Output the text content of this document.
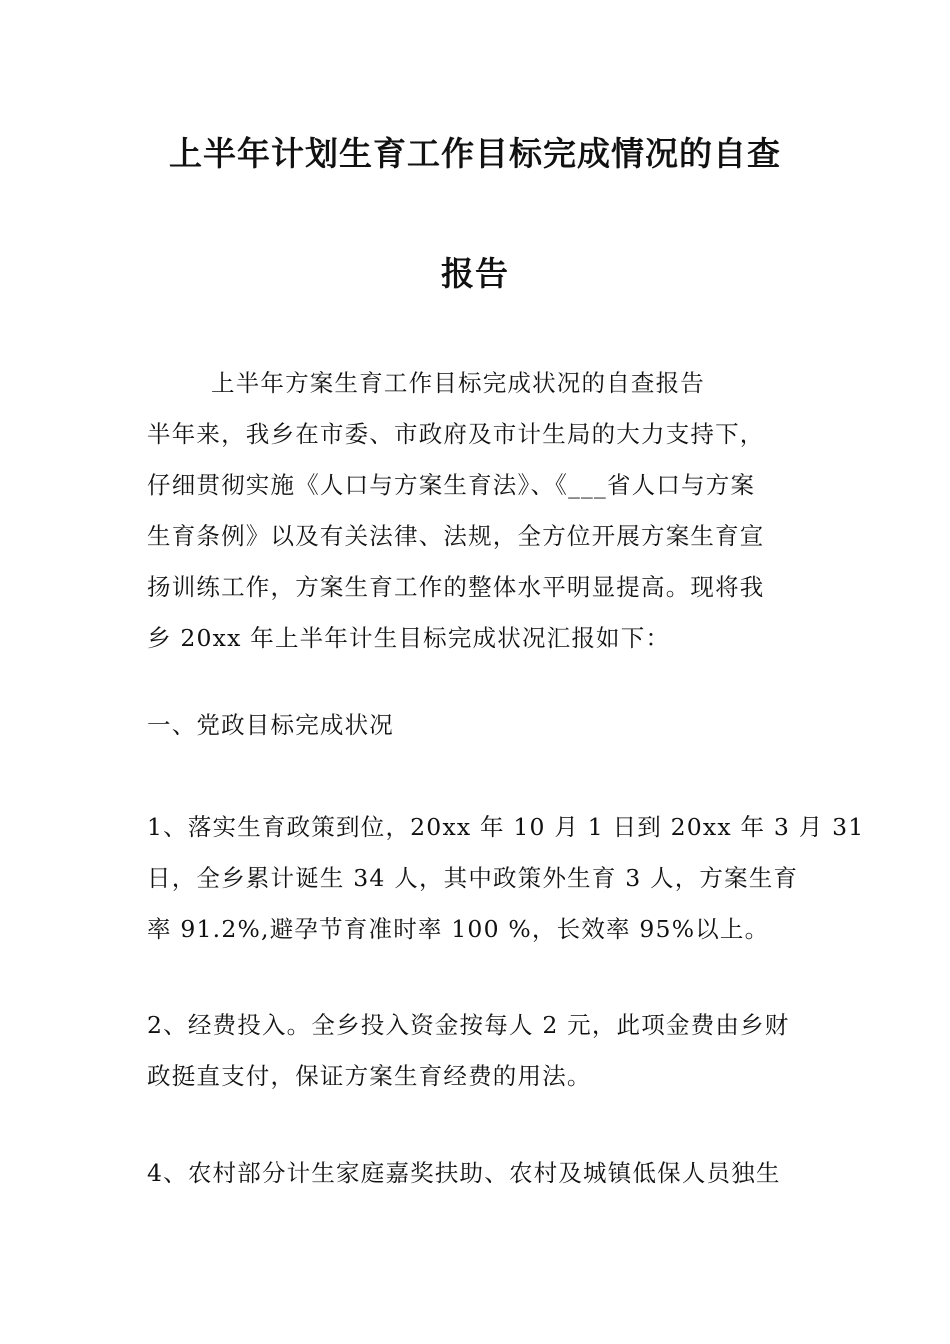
上半年计划生育工作目标完成情况的自查
报告
上半年方案生育工作目标完成状况的自查报告
半年来，我乡在市委、市政府及市计生局的大力支持下，
仔细贯彻实施《人口与方案生育法》、《___省人口与方案
生育条例》以及有关法律、法规，全方位开展方案生育宣
扬训练工作，方案生育工作的整体水平明显提高。现将我
乡 20xx 年上半年计生目标完成状况汇报如下：
一、党政目标完成状况
1、落实生育政策到位，20xx 年 10 月 1 日到 20xx 年 3 月 31
日，全乡累计诞生 34 人，其中政策外生育 3 人，方案生育
率 91.2%,避孕节育准时率 100 %，长效率 95%以上。
2、经费投入。全乡投入资金按每人 2 元，此项金费由乡财
政挺直支付，保证方案生育经费的用法。
4、农村部分计生家庭嘉奖扶助、农村及城镇低保人员独生
